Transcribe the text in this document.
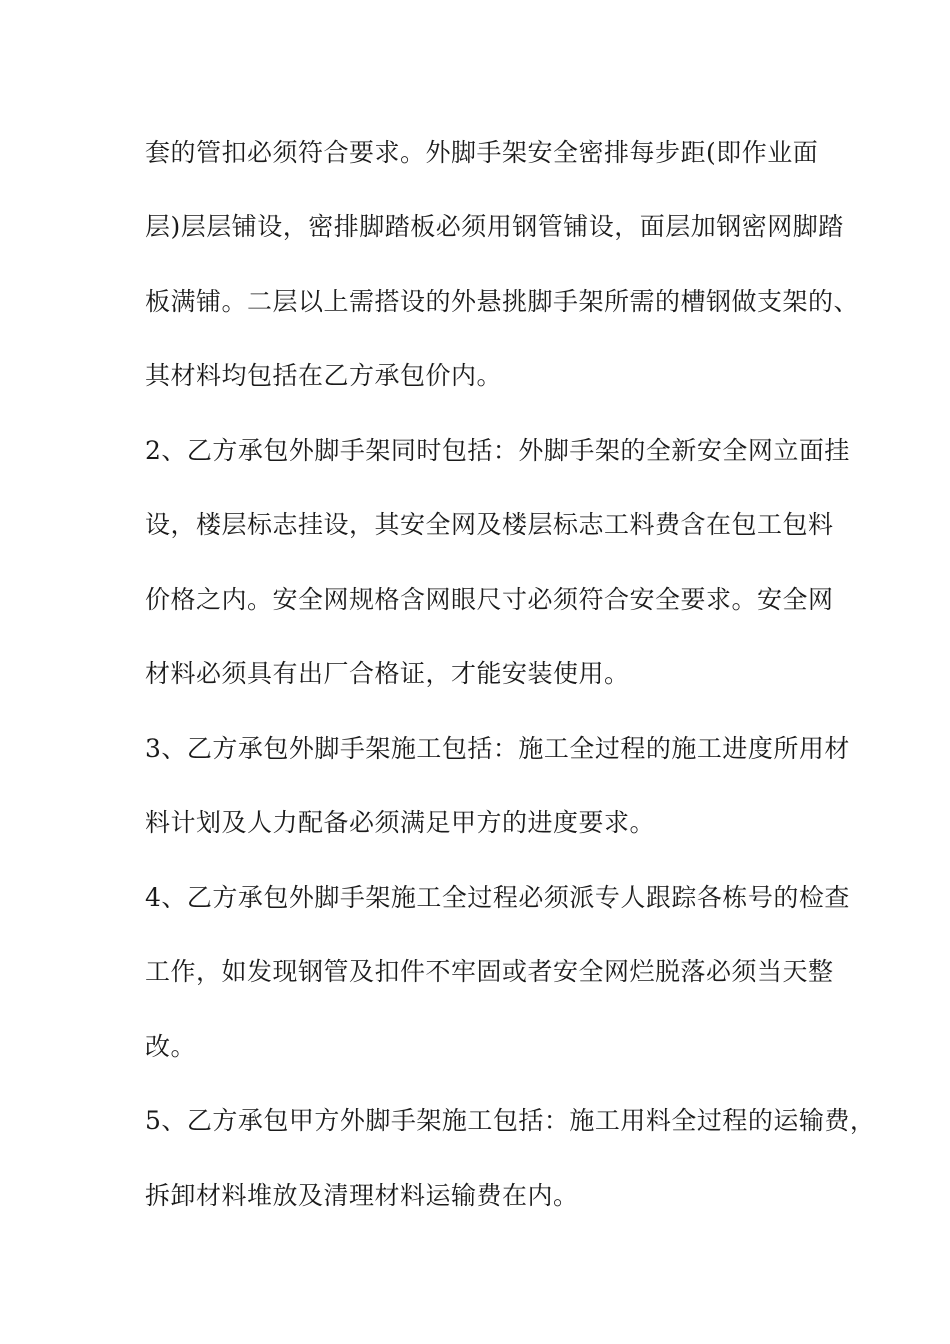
套的管扣必须符合要求。外脚手架安全密排每步距(即作业面
层)层层铺设，密排脚踏板必须用钢管铺设，面层加钢密网脚踏
板满铺。二层以上需搭设的外悬挑脚手架所需的槽钢做支架的、
其材料均包括在乙方承包价内。
2、乙方承包外脚手架同时包括：外脚手架的全新安全网立面挂
设，楼层标志挂设，其安全网及楼层标志工料费含在包工包料
价格之内。安全网规格含网眼尺寸必须符合安全要求。安全网
材料必须具有出厂合格证，才能安装使用。
3、乙方承包外脚手架施工包括：施工全过程的施工进度所用材
料计划及人力配备必须满足甲方的进度要求。
4、乙方承包外脚手架施工全过程必须派专人跟踪各栋号的检查
工作，如发现钢管及扣件不牢固或者安全网烂脱落必须当天整
改。
5、乙方承包甲方外脚手架施工包括：施工用料全过程的运输费，
拆卸材料堆放及清理材料运输费在内。
